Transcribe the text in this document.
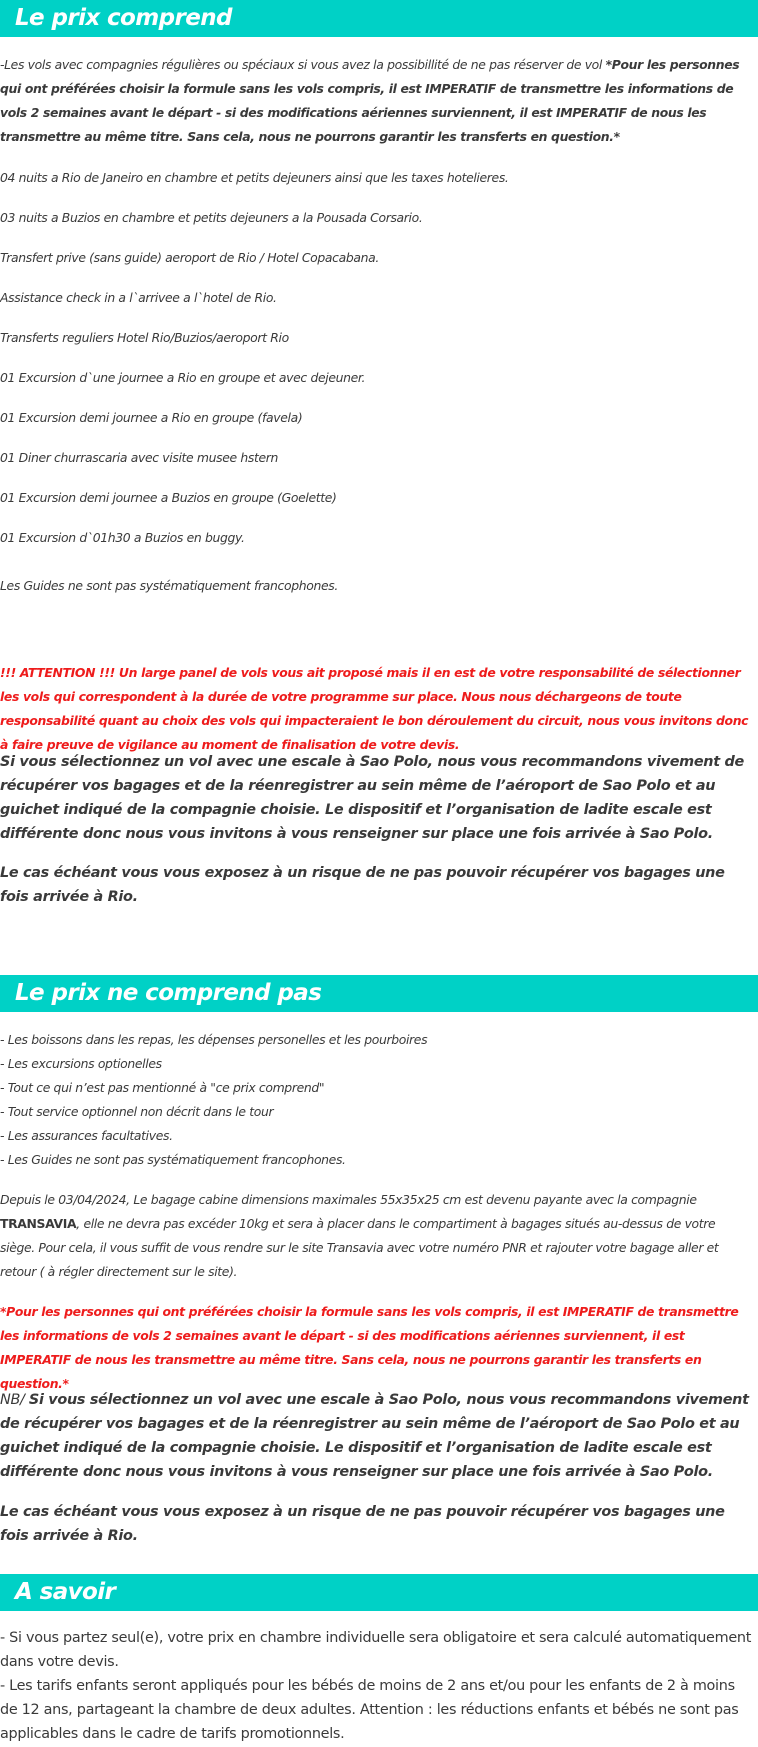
Le prix comprend

-Les vols avec compagnies régulières ou spéciaux si vous avez la possibillité de ne pas réserver de vol *Pour les personnes qui ont préférées choisir la formule sans les vols compris, il est IMPERATIF de transmettre les informations de vols 2 semaines avant le départ - si des modifications aériennes surviennent, il est IMPERATIF de nous les transmettre au même titre. Sans cela, nous ne pourrons garantir les transferts en question.*

04 nuits a Rio de Janeiro en chambre et petits dejeuners ainsi que les taxes hotelieres.

03 nuits a Buzios en chambre et petits dejeuners a la Pousada Corsario.

Transfert prive (sans guide) aeroport de Rio / Hotel Copacabana.

Assistance check in a l`arrivee a l`hotel de Rio.

Transferts reguliers Hotel Rio/Buzios/aeroport Rio

01 Excursion d`une journee a Rio en groupe et avec dejeuner.

01 Excursion demi journee a Rio en groupe (favela)

01 Diner churrascaria avec visite musee hstern

01 Excursion demi journee a Buzios en groupe (Goelette)

01 Excursion d`01h30 a Buzios en buggy.

Les Guides ne sont pas systématiquement francophones.

!!! ATTENTION !!! Un large panel de vols vous ait proposé mais il en est de votre responsabilité de sélectionner les vols qui correspondent à la durée de votre programme sur place. Nous nous déchargeons de toute responsabilité quant au choix des vols qui impacteraient le bon déroulement du circuit, nous vous invitons donc à faire preuve de vigilance au moment de finalisation de votre devis.

Si vous sélectionnez un vol avec une escale à Sao Polo, nous vous recommandons vivement de récupérer vos bagages et de la réenregistrer au sein même de l’aéroport de Sao Polo et au guichet indiqué de la compagnie choisie. Le dispositif et l’organisation de ladite escale est différente donc nous vous invitons à vous renseigner sur place une fois arrivée à Sao Polo.

Le cas échéant vous vous exposez à un risque de ne pas pouvoir récupérer vos bagages une fois arrivée à Rio.

Le prix ne comprend pas
- Les boissons dans les repas, les dépenses personelles et les pourboires
- Les excursions optionelles
- Tout ce qui n’est pas mentionné à "ce prix comprend"
- Tout service optionnel non décrit dans le tour
- Les assurances facultatives.
- Les Guides ne sont pas systématiquement francophones.

Depuis le 03/04/2024, Le bagage cabine dimensions maximales 55x35x25 cm est devenu payante avec la compagnie TRANSAVIA, elle ne devra pas excéder 10kg et sera à placer dans le compartiment à bagages situés au-dessus de votre siège. Pour cela, il vous suffit de vous rendre sur le site Transavia avec votre numéro PNR et rajouter votre bagage aller et retour ( à régler directement sur le site).

*Pour les personnes qui ont préférées choisir la formule sans les vols compris, il est IMPERATIF de transmettre les informations de vols 2 semaines avant le départ - si des modifications aériennes surviennent, il est IMPERATIF de nous les transmettre au même titre. Sans cela, nous ne pourrons garantir les transferts en question.*

NB/ Si vous sélectionnez un vol avec une escale à Sao Polo, nous vous recommandons vivement de récupérer vos bagages et de la réenregistrer au sein même de l’aéroport de Sao Polo et au guichet indiqué de la compagnie choisie. Le dispositif et l’organisation de ladite escale est différente donc nous vous invitons à vous renseigner sur place une fois arrivée à Sao Polo.

Le cas échéant vous vous exposez à un risque de ne pas pouvoir récupérer vos bagages une fois arrivée à Rio.

A savoir

- Si vous partez seul(e), votre prix en chambre individuelle sera obligatoire et sera calculé automatiquement dans votre devis.

- Les tarifs enfants seront appliqués pour les bébés de moins de 2 ans et/ou pour les enfants de 2 à moins de 12 ans, partageant la chambre de deux adultes. Attention : les réductions enfants et bébés ne sont pas applicables dans le cadre de tarifs promotionnels.
